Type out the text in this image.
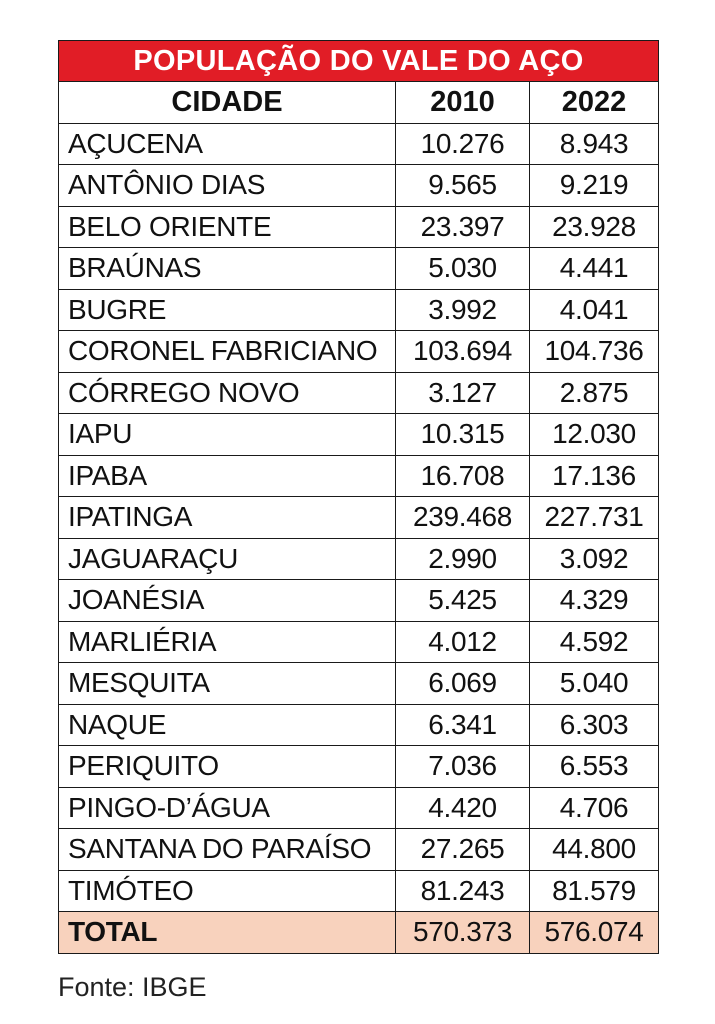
POPULAÇÃO DO VALE DO AÇO		
CIDADE	2010	2022
AÇUCENA	10.276	8.943
ANTÔNIO DIAS	9.565	9.219
BELO ORIENTE	23.397	23.928
BRAÚNAS	5.030	4.441
BUGRE	3.992	4.041
CORONEL FABRICIANO	103.694	104.736
CÓRREGO NOVO	3.127	2.875
IAPU	10.315	12.030
IPABA	16.708	17.136
IPATINGA	239.468	227.731
JAGUARAÇU	2.990	3.092
JOANÉSIA	5.425	4.329
MARLIÉRIA	4.012	4.592
MESQUITA	6.069	5.040
NAQUE	6.341	6.303
PERIQUITO	7.036	6.553
PINGO-D’ÁGUA	4.420	4.706
SANTANA DO PARAÍSO	27.265	44.800
TIMÓTEO	81.243	81.579
TOTAL	570.373	576.074
Fonte: IBGE
